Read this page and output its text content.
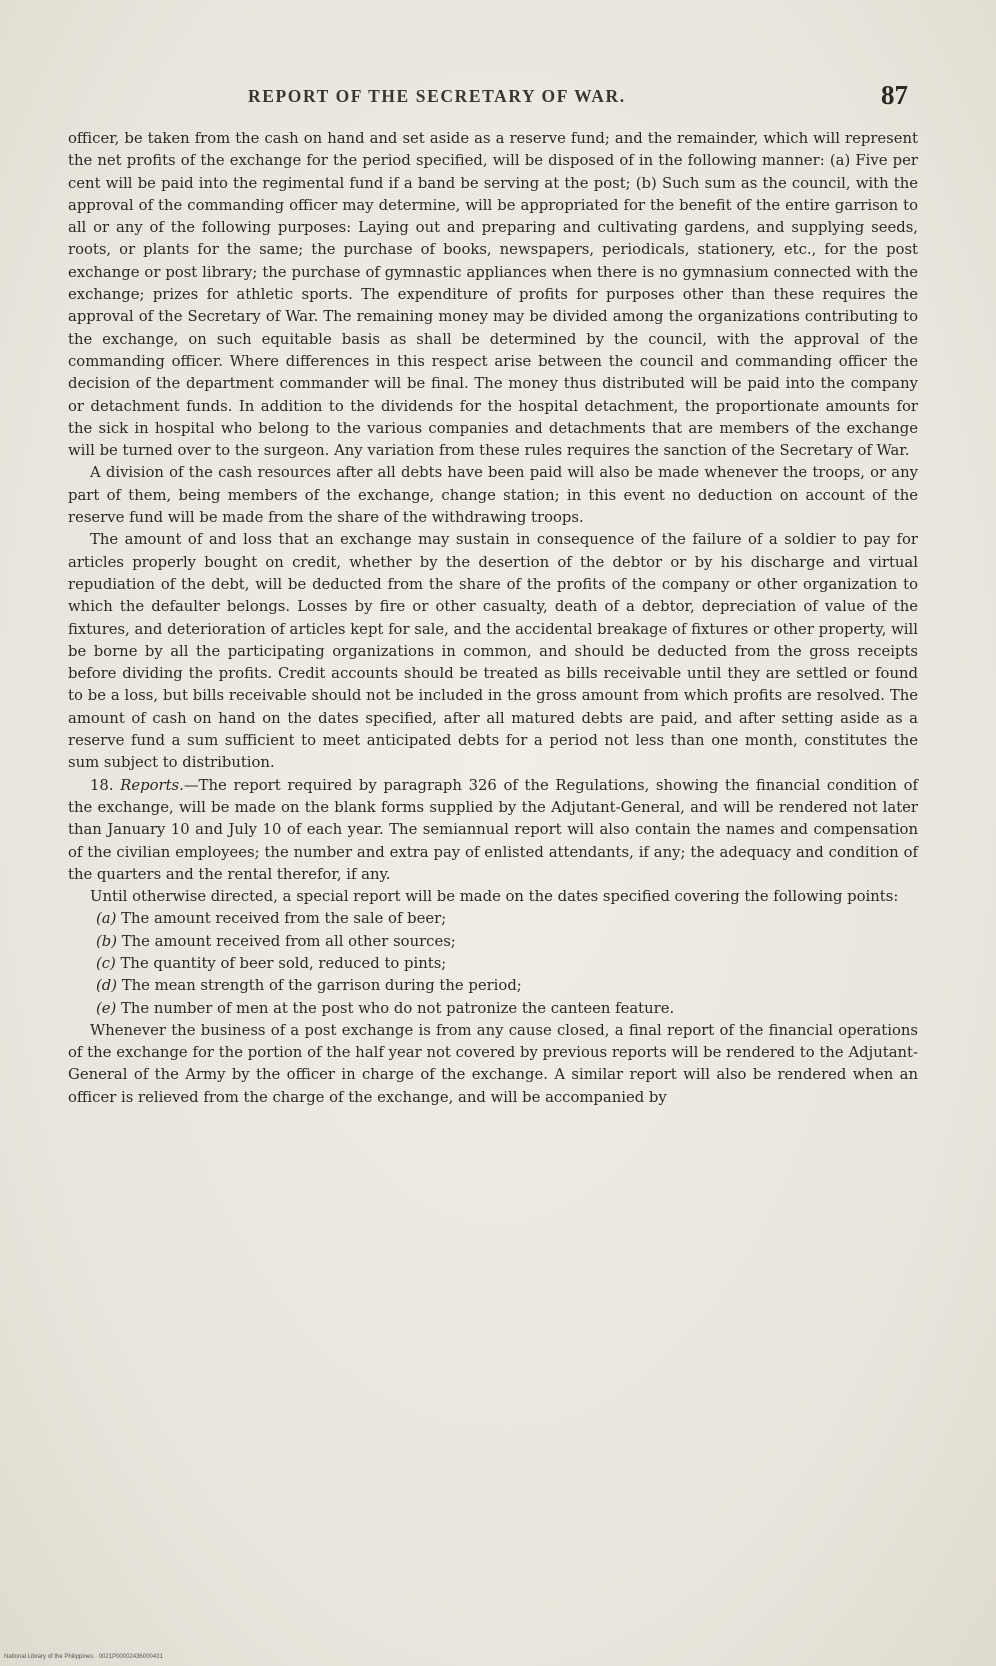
REPORT OF THE SECRETARY OF WAR.	87

officer, be taken from the cash on hand and set aside as a reserve fund; and the remainder, which will represent the net profits of the exchange for the period specified, will be disposed of in the following manner: (a) Five per cent will be paid into the regimental fund if a band be serving at the post; (b) Such sum as the council, with the approval of the commanding officer may determine, will be appropriated for the benefit of the entire garrison to all or any of the following purposes: Laying out and preparing and cultivating gardens, and supplying seeds, roots, or plants for the same; the purchase of books, newspapers, periodicals, stationery, etc., for the post exchange or post library; the purchase of gymnastic appliances when there is no gymnasium connected with the exchange; prizes for athletic sports. The expenditure of profits for purposes other than these requires the approval of the Secretary of War. The remaining money may be divided among the organizations contributing to the exchange, on such equitable basis as shall be determined by the council, with the approval of the commanding officer. Where differences in this respect arise between the council and commanding officer the decision of the department commander will be final. The money thus distributed will be paid into the company or detachment funds. In addition to the dividends for the hospital detachment, the proportionate amounts for the sick in hospital who belong to the various companies and detachments that are members of the exchange will be turned over to the surgeon. Any variation from these rules requires the sanction of the Secretary of War.

A division of the cash resources after all debts have been paid will also be made whenever the troops, or any part of them, being members of the exchange, change station; in this event no deduction on account of the reserve fund will be made from the share of the withdrawing troops.

The amount of and loss that an exchange may sustain in consequence of the failure of a soldier to pay for articles properly bought on credit, whether by the desertion of the debtor or by his discharge and virtual repudiation of the debt, will be deducted from the share of the profits of the company or other organization to which the defaulter belongs. Losses by fire or other casualty, death of a debtor, depreciation of value of the fixtures, and deterioration of articles kept for sale, and the accidental breakage of fixtures or other property, will be borne by all the participating organizations in common, and should be deducted from the gross receipts before dividing the profits. Credit accounts should be treated as bills receivable until they are settled or found to be a loss, but bills receivable should not be included in the gross amount from which profits are resolved. The amount of cash on hand on the dates specified, after all matured debts are paid, and after setting aside as a reserve fund a sum sufficient to meet anticipated debts for a period not less than one month, constitutes the sum subject to distribution.

18. Reports.—The report required by paragraph 326 of the Regulations, showing the financial condition of the exchange, will be made on the blank forms supplied by the Adjutant-General, and will be rendered not later than January 10 and July 10 of each year. The semiannual report will also contain the names and compensation of the civilian employees; the number and extra pay of enlisted attendants, if any; the adequacy and condition of the quarters and the rental therefor, if any.

Until otherwise directed, a special report will be made on the dates specified covering the following points:

(a) The amount received from the sale of beer;
(b) The amount received from all other sources;
(c) The quantity of beer sold, reduced to pints;
(d) The mean strength of the garrison during the period;
(e) The number of men at the post who do not patronize the canteen feature.

Whenever the business of a post exchange is from any cause closed, a final report of the financial operations of the exchange for the portion of the half year not covered by previous reports will be rendered to the Adjutant-General of the Army by the officer in charge of the exchange. A similar report will also be rendered when an officer is relieved from the charge of the exchange, and will be accompanied by

National Library of the Philippines · 0021P00002436000431
